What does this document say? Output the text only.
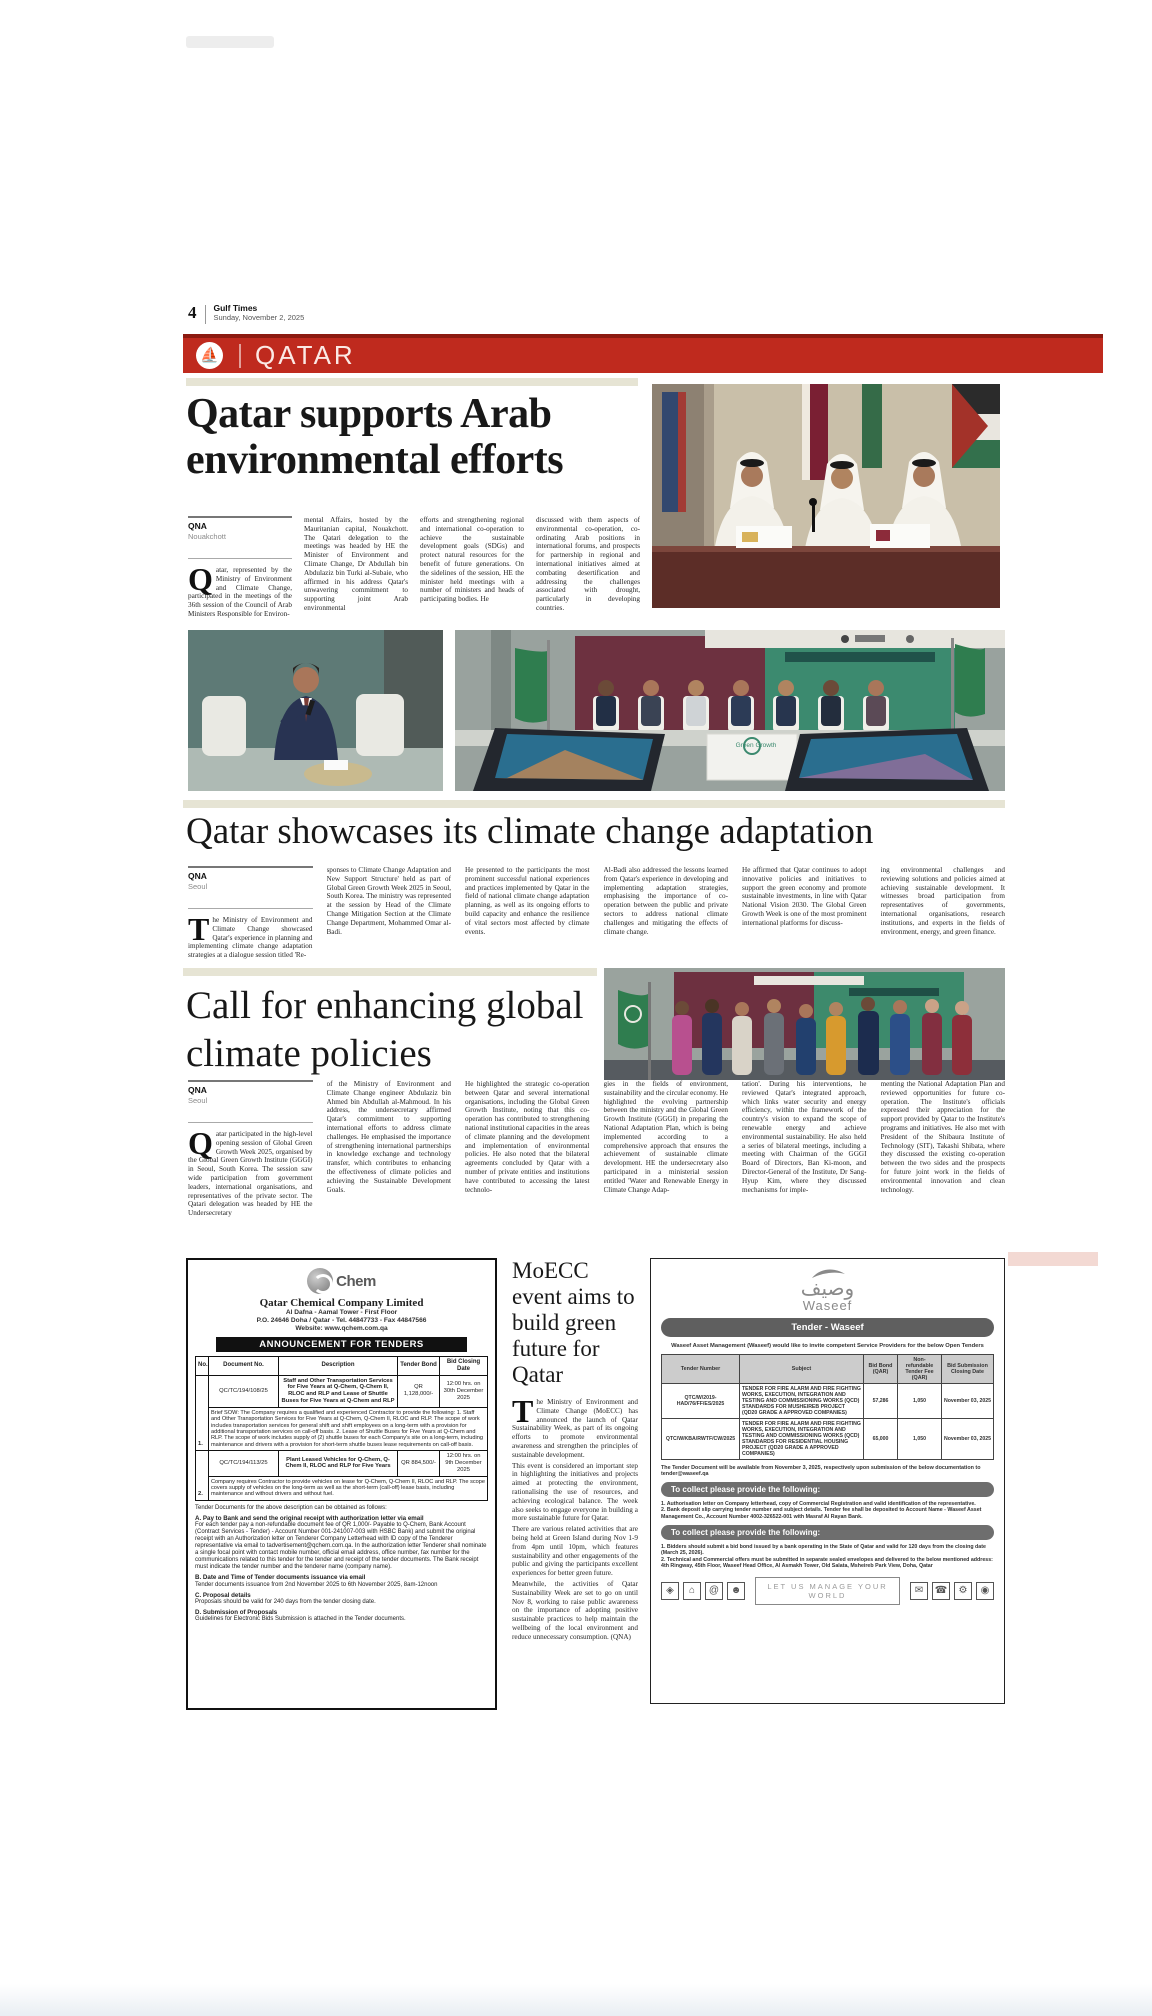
4 Gulf Times
Sunday, November 2, 2025
⛵ QATAR
Qatar supports Arab environmental efforts
QNA
Nouakchott

Qatar, represented by the Ministry of Environment and Climate Change, participated in the meetings of the 36th session of the Council of Arab Ministers Responsible for Environ-

mental Affairs, hosted by the Mauritanian capital, Nouakchott. The Qatari delegation to the meetings was headed by HE the Minister of Environment and Climate Change, Dr Abdullah bin Abdulaziz bin Turki al-Subaie, who affirmed in his address Qatar's unwavering commitment to supporting joint Arab environmental

efforts and strengthening regional and international co-operation to achieve the sustainable development goals (SDGs) and protect natural resources for the benefit of future generations. On the sidelines of the session, HE the minister held meetings with a number of ministers and heads of participating bodies. He

discussed with them aspects of environmental co-operation, co-ordinating Arab positions in international forums, and prospects for partnership in regional and international initiatives aimed at combating desertification and addressing the challenges associated with drought, particularly in developing countries.

Green Growth
Qatar showcases its climate change adaptation
QNA
Seoul

The Ministry of Environment and Climate Change showcased Qatar's experience in planning and implementing climate change adaptation strategies at a dialogue session titled 'Re-

sponses to Climate Change Adaptation and New Support Structure' held as part of Global Green Growth Week 2025 in Seoul, South Korea. The ministry was represented at the session by Head of the Climate Change Mitigation Section at the Climate Change Department, Mohammed Omar al-Badi.

He presented to the participants the most prominent successful national experiences and practices implemented by Qatar in the field of national climate change adaptation planning, as well as its ongoing efforts to build capacity and enhance the resilience of vital sectors most affected by climate events.

Al-Badi also addressed the lessons learned from Qatar's experience in developing and implementing adaptation strategies, emphasising the importance of co-operation between the public and private sectors to address national climate challenges and mitigating the effects of climate change.

He affirmed that Qatar continues to adopt innovative policies and initiatives to support the green economy and promote sustainable investments, in line with Qatar National Vision 2030. The Global Green Growth Week is one of the most prominent international platforms for discuss-

ing environmental challenges and reviewing solutions and policies aimed at achieving sustainable development. It witnesses broad participation from representatives of governments, international organisations, research institutions, and experts in the fields of environment, energy, and green finance.

Call for enhancing global climate policies
QNA
Seoul

Qatar participated in the high-level opening session of Global Green Growth Week 2025, organised by the Global Green Growth Institute (GGGI) in Seoul, South Korea. The session saw wide participation from government leaders, international organisations, and representatives of the private sector. The Qatari delegation was headed by HE the Undersecretary

of the Ministry of Environment and Climate Change engineer Abdulaziz bin Ahmed bin Abdullah al-Mahmoud. In his address, the undersecretary affirmed Qatar's commitment to supporting international efforts to address climate challenges. He emphasised the importance of strengthening international partnerships in knowledge exchange and technology transfer, which contributes to enhancing the effectiveness of climate policies and achieving the Sustainable Development Goals.

He highlighted the strategic co-operation between Qatar and several international organisations, including the Global Green Growth Institute, noting that this co-operation has contributed to strengthening national institutional capacities in the areas of climate planning and the development and implementation of environmental policies. He also noted that the bilateral agreements concluded by Qatar with a number of private entities and institutions have contributed to accessing the latest technolo-

gies in the fields of environment, sustainability and the circular economy. He highlighted the evolving partnership between the ministry and the Global Green Growth Institute (GGGI) in preparing the National Adaptation Plan, which is being implemented according to a comprehensive approach that ensures the achievement of sustainable climate development. HE the undersecretary also participated in a ministerial session entitled 'Water and Renewable Energy in Climate Change Adap-

tation'. During his interventions, he reviewed Qatar's integrated approach, which links water security and energy efficiency, within the framework of the country's vision to expand the scope of renewable energy and achieve environmental sustainability. He also held a series of bilateral meetings, including a meeting with Chairman of the GGGI Board of Directors, Ban Ki-moon, and Director-General of the Institute, Dr Sang-Hyup Kim, where they discussed mechanisms for imple-

menting the National Adaptation Plan and reviewed opportunities for future co-operation. The Institute's officials expressed their appreciation for the support provided by Qatar to the Institute's programs and initiatives. He also met with President of the Shibaura Institute of Technology (SIT), Takashi Shibata, where they discussed the existing co-operation between the two sides and the prospects for future joint work in the fields of environmental innovation and clean technology.

Chem
Qatar Chemical Company Limited
Al Dafna - Aamal Tower - First Floor
P.O. 24646 Doha / Qatar - Tel. 44847733 - Fax 44847566
Website: www.qchem.com.qa
ANNOUNCEMENT FOR TENDERS
No.	Document No.	Description	Tender Bond	Bid Closing Date
1.	QC/TC/194/108/25	Staff and Other Transportation Services for Five Years at Q-Chem, Q-Chem II, RLOC and RLP and Lease of Shuttle Buses for Five Years at Q-Chem and RLP	QR 1,128,000/-	12:00 hrs. on 30th December 2025
	Brief SOW: The Company requires a qualified and experienced Contractor to provide the following: 1. Staff and Other Transportation Services for Five Years at Q-Chem, Q-Chem II, RLOC and RLP. The scope of work includes transportation services for general shift and shift employees on a long-term with a provision for additional transportation services on call-off basis. 2. Lease of Shuttle Buses for Five Years at Q-Chem and RLP. The scope of work includes supply of (2) shuttle buses for each Company's site on a long-term, including maintenance and drivers with a provision for short-term shuttle buses lease requirements on call-off basis.			
2.	QC/TC/194/113/25	Plant Leased Vehicles for Q-Chem, Q-Chem II, RLOC and RLP for Five Years	QR 884,500/-	12:00 hrs. on 9th December 2025
	Company requires Contractor to provide vehicles on lease for Q-Chem, Q-Chem II, RLOC and RLP. The scope covers supply of vehicles on the long-term as well as the short-term (call-off) lease basis, including maintenance and without drivers and without fuel.			
Tender Documents for the above description can be obtained as follows:
A. Pay to Bank and send the original receipt with authorization letter via email
For each tender pay a non-refundable document fee of QR 1,000/- Payable to Q-Chem, Bank Account (Contract Services - Tender) - Account Number 001-241007-003 with HSBC Bank) and submit the original receipt with an Authorization letter on Tenderer Company Letterhead with ID copy of the Tenderer representative via email to tadvertisement@qchem.com.qa. In the authorization letter Tenderer shall nominate a single focal point with contact mobile number, official email address, office number, fax number for the communications related to this tender for the tender and receipt of the tender documents. The Bank receipt must indicate the tender number and the tenderer name (company name).
B. Date and Time of Tender documents issuance via email
Tender documents issuance from 2nd November 2025 to 6th November 2025, 8am-12noon
C. Proposal details
Proposals should be valid for 240 days from the tender closing date.
D. Submission of Proposals
Guidelines for Electronic Bids Submission is attached in the Tender documents.
MoECC event aims to build green future for Qatar

The Ministry of Environment and Climate Change (MoECC) has announced the launch of Qatar Sustainability Week, as part of its ongoing efforts to promote environmental awareness and strengthen the principles of sustainable development.

This event is considered an important step in highlighting the initiatives and projects aimed at protecting the environment, rationalising the use of resources, and achieving ecological balance. The week also seeks to engage everyone in building a more sustainable future for Qatar.

There are various related activities that are being held at Green Island during Nov 1-9 from 4pm until 10pm, which features sustainability and other engagements of the public and giving the participants excellent experiences for better green future.

Meanwhile, the activities of Qatar Sustainability Week are set to go on until Nov 8, working to raise public awareness on the importance of adopting positive sustainable practices to help maintain the wellbeing of the local environment and reduce unnecessary consumption. (QNA)

وصيف
Waseef
Tender - Waseef
Waseef Asset Management (Waseef) would like to invite competent Service Providers for the below Open Tenders
Tender Number	Subject	Bid Bond (QAR)	Non-refundable Tender Fee (QAR)	Bid Submission Closing Date
QTC/W/2019-HAD/76/FF/ES/2025	TENDER FOR FIRE ALARM AND FIRE FIGHTING WORKS, EXECUTION, INTEGRATION AND TESTING AND COMMISSIONING WORKS (QCD) STANDARDS FOR MUSHEIREB PROJECT (QD20 GRADE A APPROVED COMPANIES)	57,286	1,050	November 03, 2025
QTC/W/KBA/RWTF/CW/2025	TENDER FOR FIRE ALARM AND FIRE FIGHTING WORKS, EXECUTION, INTEGRATION AND TESTING AND COMMISSIONING WORKS (QCD) STANDARDS FOR RESIDENTIAL HOUSING PROJECT (QD20 GRADE A APPROVED COMPANIES)	65,000	1,050	November 03, 2025
The Tender Document will be available from November 3, 2025, respectively upon submission of the below documentation to tender@waseef.qa
To collect please provide the following:
1. Authorisation letter on Company letterhead, copy of Commercial Registration and valid identification of the representative.
2. Bank deposit slip carrying tender number and subject details. Tender fee shall be deposited to Account Name - Waseef Asset Management Co., Account Number 4002-326522-001 with Masraf Al Rayan Bank.
To collect please provide the following:
1. Bidders should submit a bid bond issued by a bank operating in the State of Qatar and valid for 120 days from the closing date (March 25, 2026).
2. Technical and Commercial offers must be submitted in separate sealed envelopes and delivered to the below mentioned address: 4th Ringway, 45th Floor, Waseef Head Office, Al Asmakh Tower, Old Salata, Msheireb Park View, Doha, Qatar
◈	⌂	@	☻	LET US MANAGE YOUR WORLD	✉	☎	⚙	◉
